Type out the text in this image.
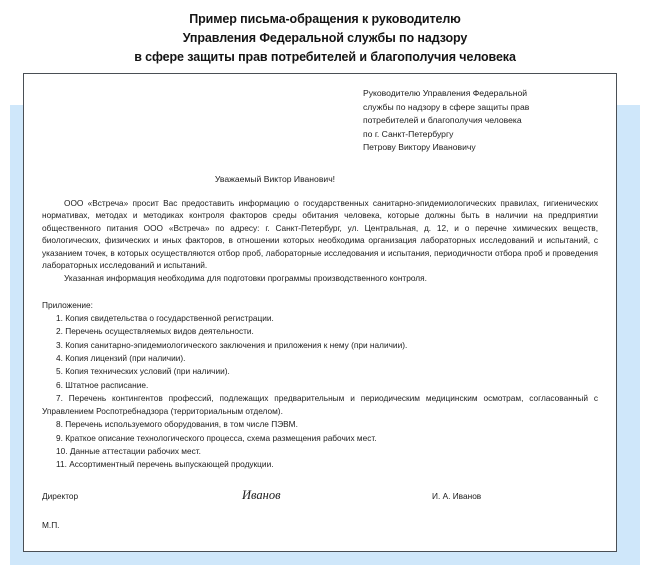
Пример письма-обращения к руководителю
Управления Федеральной службы по надзору
в сфере защиты прав потребителей и благополучия человека
Руководителю Управления Федеральной
службы по надзору в сфере защиты прав
потребителей и благополучия человека
по г. Санкт-Петербургу
Петрову Виктору Ивановичу
Уважаемый Виктор Иванович!

ООО «Встреча» просит Вас предоставить информацию о государственных санитарно-эпидемиологических правилах, гигиенических нормативах, методах и методиках контроля факторов среды обитания человека, которые должны быть в наличии на предприятии общественного питания ООО «Встреча» по адресу: г. Санкт-Петербург, ул. Центральная, д. 12, и о перечне химических веществ, биологических, физических и иных факторов, в отношении которых необходима организация лабораторных исследований и испытаний, с указанием точек, в которых осуществляются отбор проб, лабораторные исследования и испытания, периодичности отбора проб и проведения лабораторных исследований и испытаний.

Указанная информация необходима для подготовки программы производственного контроля.

Приложение:
1. Копия свидетельства о государственной регистрации.
2. Перечень осуществляемых видов деятельности.
3. Копия санитарно-эпидемиологического заключения и приложения к нему (при наличии).
4. Копия лицензий (при наличии).
5. Копия технических условий (при наличии).
6. Штатное расписание.
7. Перечень контингентов профессий, подлежащих предварительным и периодическим медицинским осмотрам, согласованный с Управлением Роспотребнадзора (территориальным отделом).
8. Перечень используемого оборудования, в том числе ПЭВМ.
9. Краткое описание технологического процесса, схема размещения рабочих мест.
10. Данные аттестации рабочих мест.
11. Ассортиментный перечень выпускающей продукции.
Директор	Иванов	И. А. Иванов
М.П.
